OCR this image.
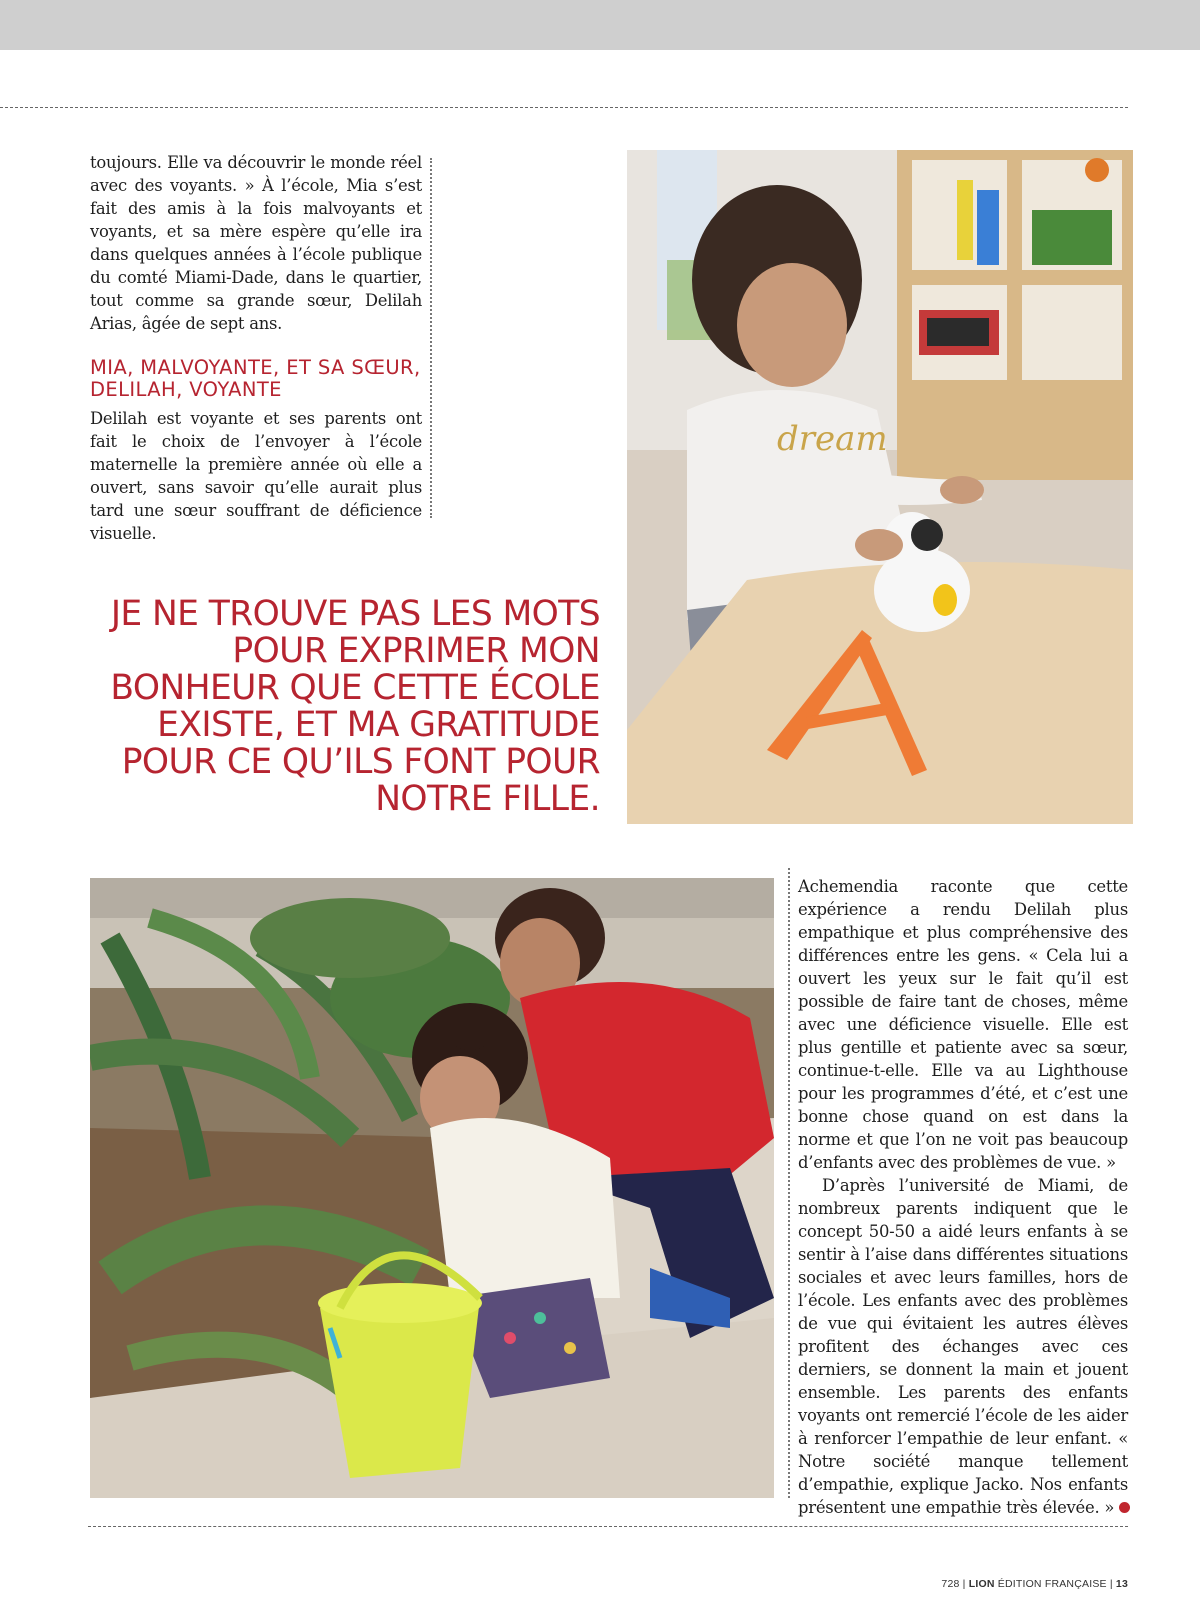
toujours. Elle va découvrir le monde réel avec des voyants. » À l’école, Mia s’est fait des amis à la fois malvoyants et voyants, et sa mère espère qu’elle ira dans quelques années à l’école publique du comté Miami-Dade, dans le quartier, tout comme sa grande sœur, Delilah Arias, âgée de sept ans.

MIA, MALVOYANTE, ET SA SŒUR, DELILAH, VOYANTE

Delilah est voyante et ses parents ont fait le choix de l’envoyer à l’école maternelle la première année où elle a ouvert, sans savoir qu’elle aurait plus tard une sœur souffrant de déficience visuelle.

JE NE TROUVE PAS LES MOTS POUR EXPRIMER MON BONHEUR QUE CETTE ÉCOLE EXISTE, ET MA GRATITUDE POUR CE QU’ILS FONT POUR NOTRE FILLE.
dream

Achemendia raconte que cette expérience a rendu Delilah plus empathique et plus compréhensive des différences entre les gens. « Cela lui a ouvert les yeux sur le fait qu’il est possible de faire tant de choses, même avec une déficience visuelle. Elle est plus gentille et patiente avec sa sœur, continue-t-elle. Elle va au Lighthouse pour les programmes d’été, et c’est une bonne chose quand on est dans la norme et que l’on ne voit pas beaucoup d’enfants avec des problèmes de vue. »

D’après l’université de Miami, de nombreux parents indiquent que le concept 50-50 a aidé leurs enfants à se sentir à l’aise dans différentes situations sociales et avec leurs familles, hors de l’école. Les enfants avec des problèmes de vue qui évitaient les autres élèves profitent des échanges avec ces derniers, se donnent la main et jouent ensemble. Les parents des enfants voyants ont remercié l’école de les aider à renforcer l’empathie de leur enfant. « Notre société manque tellement d’empathie, explique Jacko. Nos enfants présentent une empathie très élevée. »

728 | LION ÉDITION FRANÇAISE | 13
